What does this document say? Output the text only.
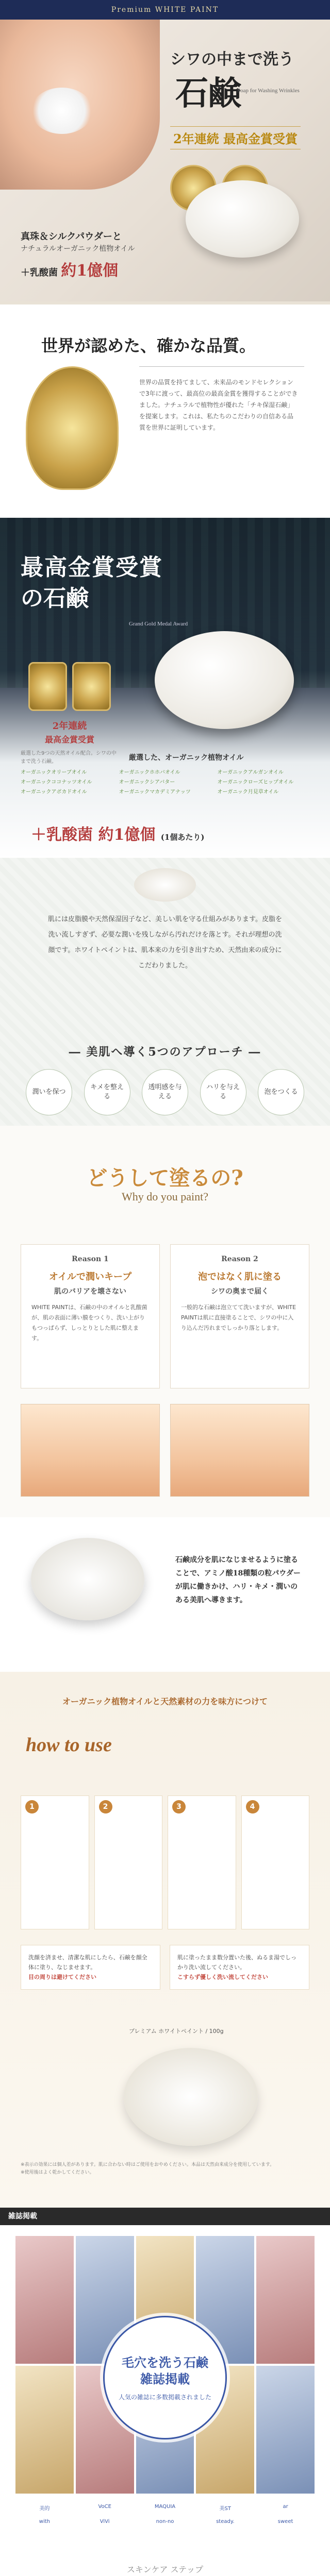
Premium WHITE PAINT
シワの中まで洗う
石鹸
Soap for Washing Wrinkles
2年連続 最高金賞受賞
真珠＆シルクパウダーと
ナチュラルオーガニック植物オイル
＋乳酸菌 約1億個
世界が認めた、確かな品質。

世界の品質を持てまして、未来品のモンドセレクションで3年に渡って、最高位の最高金賞を獲得することができました。ナチュラルで植物性が優れた「チキ保湿石鹸」を提案します。これは、私たちのこだわりの自信ある品質を世界に証明しています。

最高金賞受賞
の石鹸
Grand Gold Medal Award
2年連続
最高金賞受賞
厳選した9つの天然オイル配合。シワの中まで洗う石鹸。	厳選した、オーガニック植物オイル
オーガニックオリーブオイル	オーガニックホホバオイル	オーガニックアルガンオイル
オーガニックココナッツオイル	オーガニックシアバター	オーガニックローズヒップオイル
オーガニックアボカドオイル	オーガニックマカデミアナッツ	オーガニック月見草オイル
＋乳酸菌 約1億個 (1個あたり)

肌には皮脂膜や天然保湿因子など、美しい肌を守る仕組みがあります。皮脂を洗い流しすぎず、必要な潤いを残しながら汚れだけを落とす。それが理想の洗顔です。ホワイトペイントは、肌本来の力を引き出すため、天然由来の成分にこだわりました。

― 美肌へ導く5つのアプローチ ―
潤いを保つ
キメを整える
透明感を与える
ハリを与える
泡をつくる
どうして塗るの?
Why do you paint?
Reason 1
オイルで潤いキープ
肌のバリアを壊さない

WHITE PAINTは、石鹸の中のオイルと乳酸菌が、肌の表面に薄い膜をつくり、洗い上がりもつっぱらず、しっとりとした肌に整えます。

Reason 2
泡ではなく肌に塗る
シワの奥まで届く

一般的な石鹸は泡立てて洗いますが、WHITE PAINTは肌に直接塗ることで、シワの中に入り込んだ汚れまでしっかり落とします。

石鹸成分を肌になじませるように塗ることで、アミノ酸18種類の粒パウダーが肌に働きかけ、ハリ・キメ・潤いのある美肌へ導きます。

オーガニック植物オイルと天然素材の力を味方につけて
how to use
1	2	3	4
洗顔を済ませ、清潔な肌にしたら、石鹸を顔全体に塗り、なじませます。
目の周りは避けてください
肌に塗ったまま数分置いた後、ぬるま湯でしっかり洗い流してください。
こすらず優しく洗い流してください
プレミアム ホワイトペイント / 100g
※表示の効果には個人差があります。肌に合わない時はご使用をおやめください。本品は天然由来成分を使用しています。
※使用後はよく乾かしてください。
雑誌掲載
毛穴を洗う石鹸
雑誌掲載
人気の雑誌に多数掲載されました
美的	VoCE	MAQUIA	美ST	ar
with	ViVi	non-no	steady.	sweet
スキンケア ステップ
